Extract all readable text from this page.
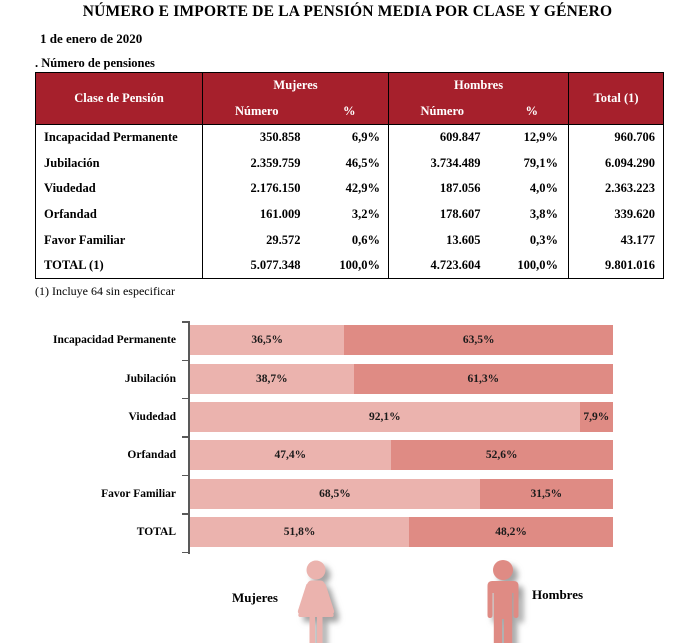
NÚMERO E IMPORTE DE LA PENSIÓN MEDIA POR CLASE Y GÉNERO
1 de enero de 2020
. Número de pensiones
Clase de Pensión	Mujeres		Hombres		Total (1)
	Número	%	Número	%	
Incapacidad Permanente	350.858	6,9%	609.847	12,9%	960.706
Jubilación	2.359.759	46,5%	3.734.489	79,1%	6.094.290
Viudedad	2.176.150	42,9%	187.056	4,0%	2.363.223
Orfandad	161.009	3,2%	178.607	3,8%	339.620
Favor Familiar	29.572	0,6%	13.605	0,3%	43.177
TOTAL (1)	5.077.348	100,0%	4.723.604	100,0%	9.801.016
(1) Incluye 64 sin especificar
Incapacidad Permanente	36,5%	63,5%
Jubilación	38,7%	61,3%
Viudedad	92,1%	7,9%
Orfandad	47,4%	52,6%
Favor Familiar	68,5%	31,5%
TOTAL	51,8%	48,2%
Mujeres	Hombres
